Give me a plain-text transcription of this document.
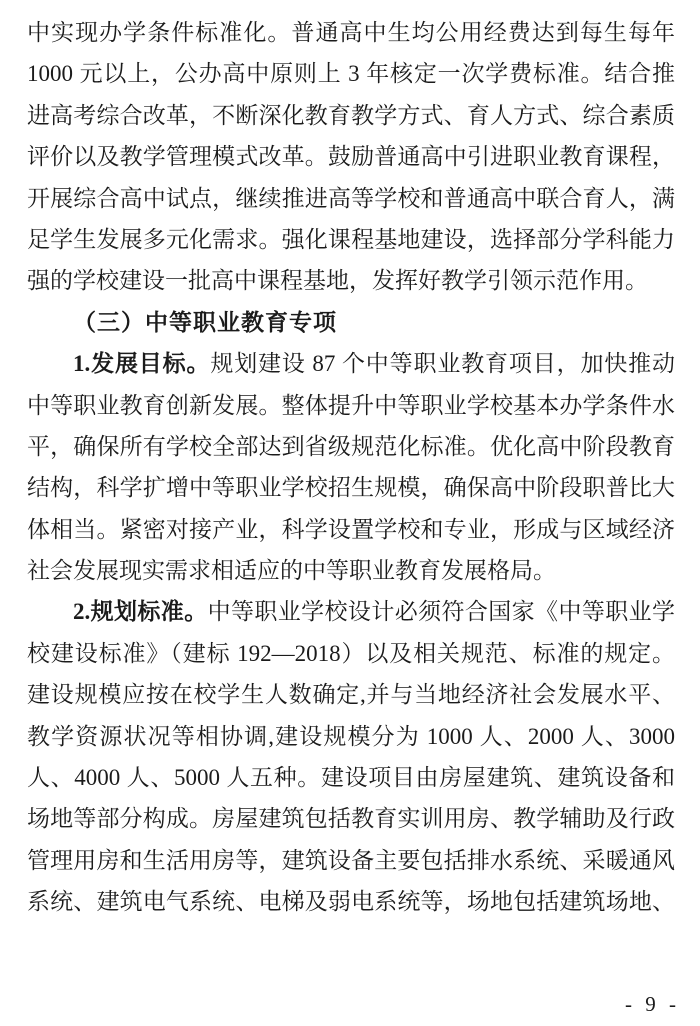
中实现办学条件标准化。普通高中生均公用经费达到每生每年
1000 元以上，公办高中原则上 3 年核定一次学费标准。结合推
进高考综合改革，不断深化教育教学方式、育人方式、综合素质
评价以及教学管理模式改革。鼓励普通高中引进职业教育课程，
开展综合高中试点，继续推进高等学校和普通高中联合育人，满
足学生发展多元化需求。强化课程基地建设，选择部分学科能力
强的学校建设一批高中课程基地，发挥好教学引领示范作用。
（三）中等职业教育专项
1.发展目标。规划建设 87 个中等职业教育项目，加快推动
中等职业教育创新发展。整体提升中等职业学校基本办学条件水
平，确保所有学校全部达到省级规范化标准。优化高中阶段教育
结构，科学扩增中等职业学校招生规模，确保高中阶段职普比大
体相当。紧密对接产业，科学设置学校和专业，形成与区域经济
社会发展现实需求相适应的中等职业教育发展格局。
2.规划标准。中等职业学校设计必须符合国家《中等职业学
校建设标准》（建标 192—2018）以及相关规范、标准的规定。
建设规模应按在校学生人数确定,并与当地经济社会发展水平、
教学资源状况等相协调,建设规模分为 1000 人、2000 人、3000
人、4000 人、5000 人五种。建设项目由房屋建筑、建筑设备和
场地等部分构成。房屋建筑包括教育实训用房、教学辅助及行政
管理用房和生活用房等，建筑设备主要包括排水系统、采暖通风
系统、建筑电气系统、电梯及弱电系统等，场地包括建筑场地、
- 9 -
